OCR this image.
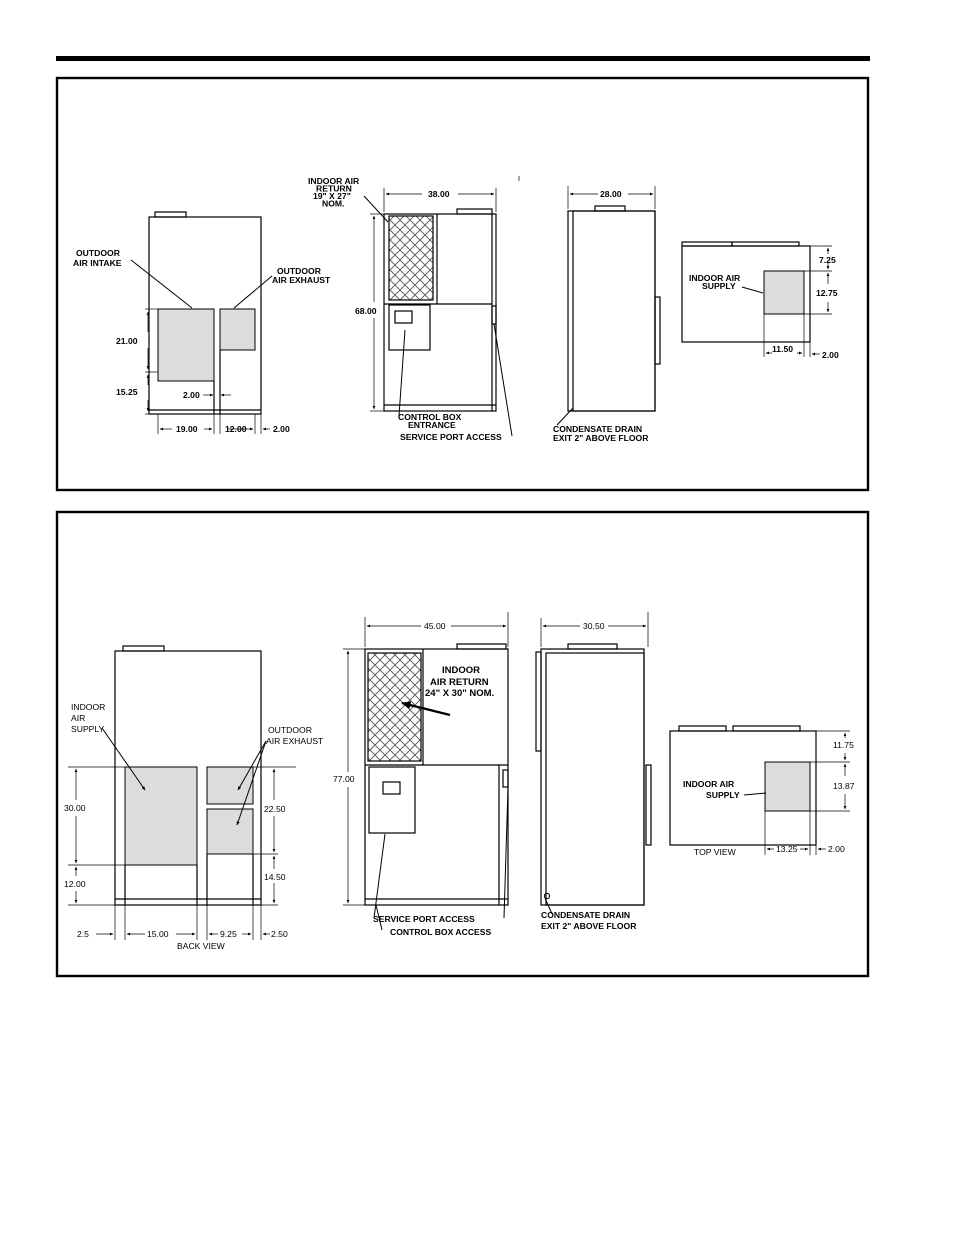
OUTDOOR AIR INTAKE
OUTDOOR AIR EXHAUST
21.00
15.25	2.00
19.00	12.00	2.00
INDOOR AIR RETURN 19" X 27" NOM.
38.00
68.00
CONTROL BOX ENTRANCE
SERVICE PORT ACCESS
28.00
CONDENSATE DRAIN EXIT 2" ABOVE FLOOR
INDOOR AIR SUPPLY
7.25
12.75
11.50
2.00
INDOOR AIR SUPPLY	OUTDOOR AIR EXHAUST
30.00
12.00
22.50
14.50
2.5	15.00	9.25	2.50
BACK VIEW
45.00
77.00
INDOOR AIR RETURN 24" X 30" NOM.
SERVICE PORT ACCESS
CONTROL BOX ACCESS
30.50
CONDENSATE DRAIN EXIT 2" ABOVE FLOOR
INDOOR AIR SUPPLY
11.75
13.87
13.25	2.00
TOP VIEW
